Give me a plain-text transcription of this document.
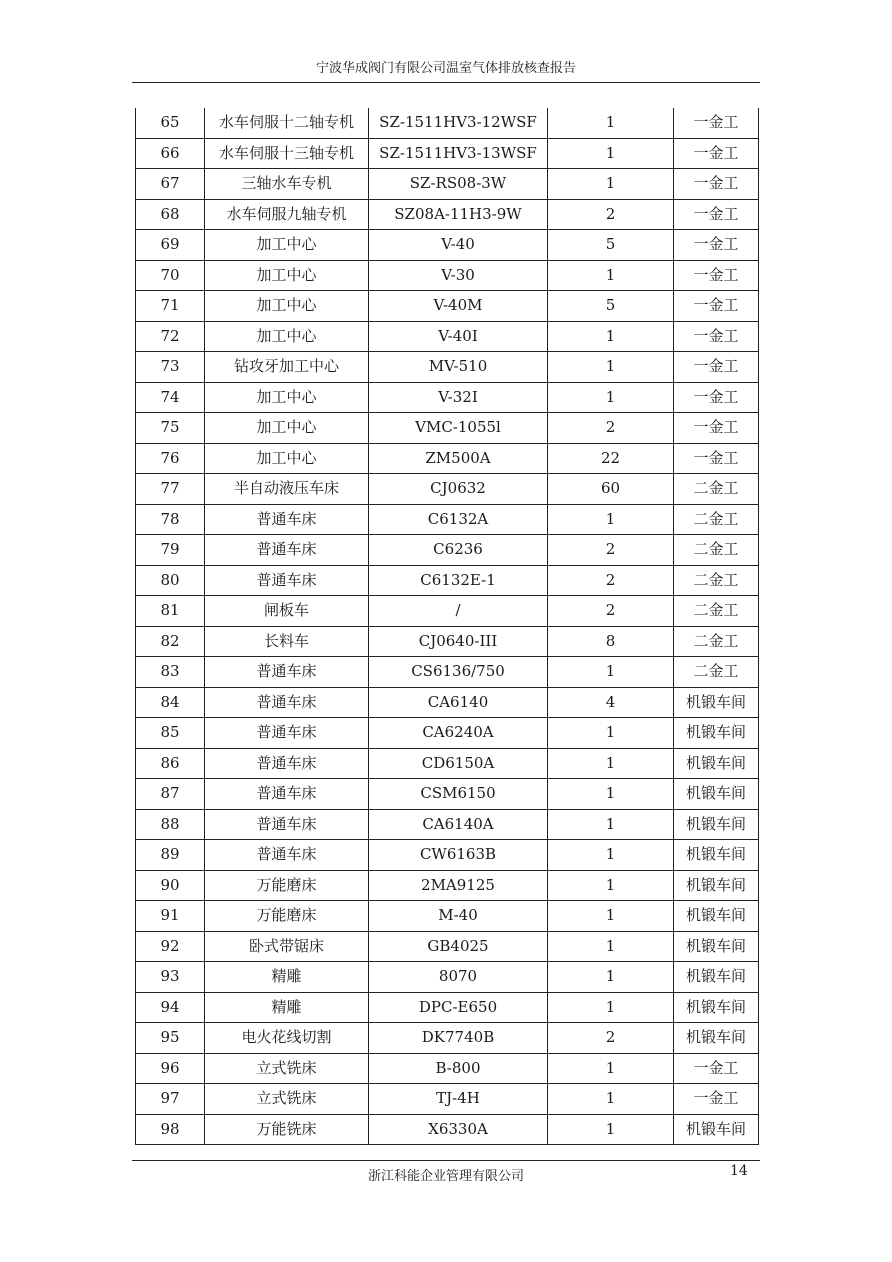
宁波华成阀门有限公司温室气体排放核查报告
65	水车伺服十二轴专机	SZ-1511HV3-12WSF	1	一金工
66	水车伺服十三轴专机	SZ-1511HV3-13WSF	1	一金工
67	三轴水车专机	SZ-RS08-3W	1	一金工
68	水车伺服九轴专机	SZ08A-11H3-9W	2	一金工
69	加工中心	V-40	5	一金工
70	加工中心	V-30	1	一金工
71	加工中心	V-40M	5	一金工
72	加工中心	V-40I	1	一金工
73	钻攻牙加工中心	MV-510	1	一金工
74	加工中心	V-32I	1	一金工
75	加工中心	VMC-1055l	2	一金工
76	加工中心	ZM500A	22	一金工
77	半自动液压车床	CJ0632	60	二金工
78	普通车床	C6132A	1	二金工
79	普通车床	C6236	2	二金工
80	普通车床	C6132E-1	2	二金工
81	闸板车	/	2	二金工
82	长料车	CJ0640-III	8	二金工
83	普通车床	CS6136/750	1	二金工
84	普通车床	CA6140	4	机锻车间
85	普通车床	CA6240A	1	机锻车间
86	普通车床	CD6150A	1	机锻车间
87	普通车床	CSM6150	1	机锻车间
88	普通车床	CA6140A	1	机锻车间
89	普通车床	CW6163B	1	机锻车间
90	万能磨床	2MA9125	1	机锻车间
91	万能磨床	M-40	1	机锻车间
92	卧式带锯床	GB4025	1	机锻车间
93	精雕	8070	1	机锻车间
94	精雕	DPC-E650	1	机锻车间
95	电火花线切割	DK7740B	2	机锻车间
96	立式铣床	B-800	1	一金工
97	立式铣床	TJ-4H	1	一金工
98	万能铣床	X6330A	1	机锻车间
浙江科能企业管理有限公司	14
